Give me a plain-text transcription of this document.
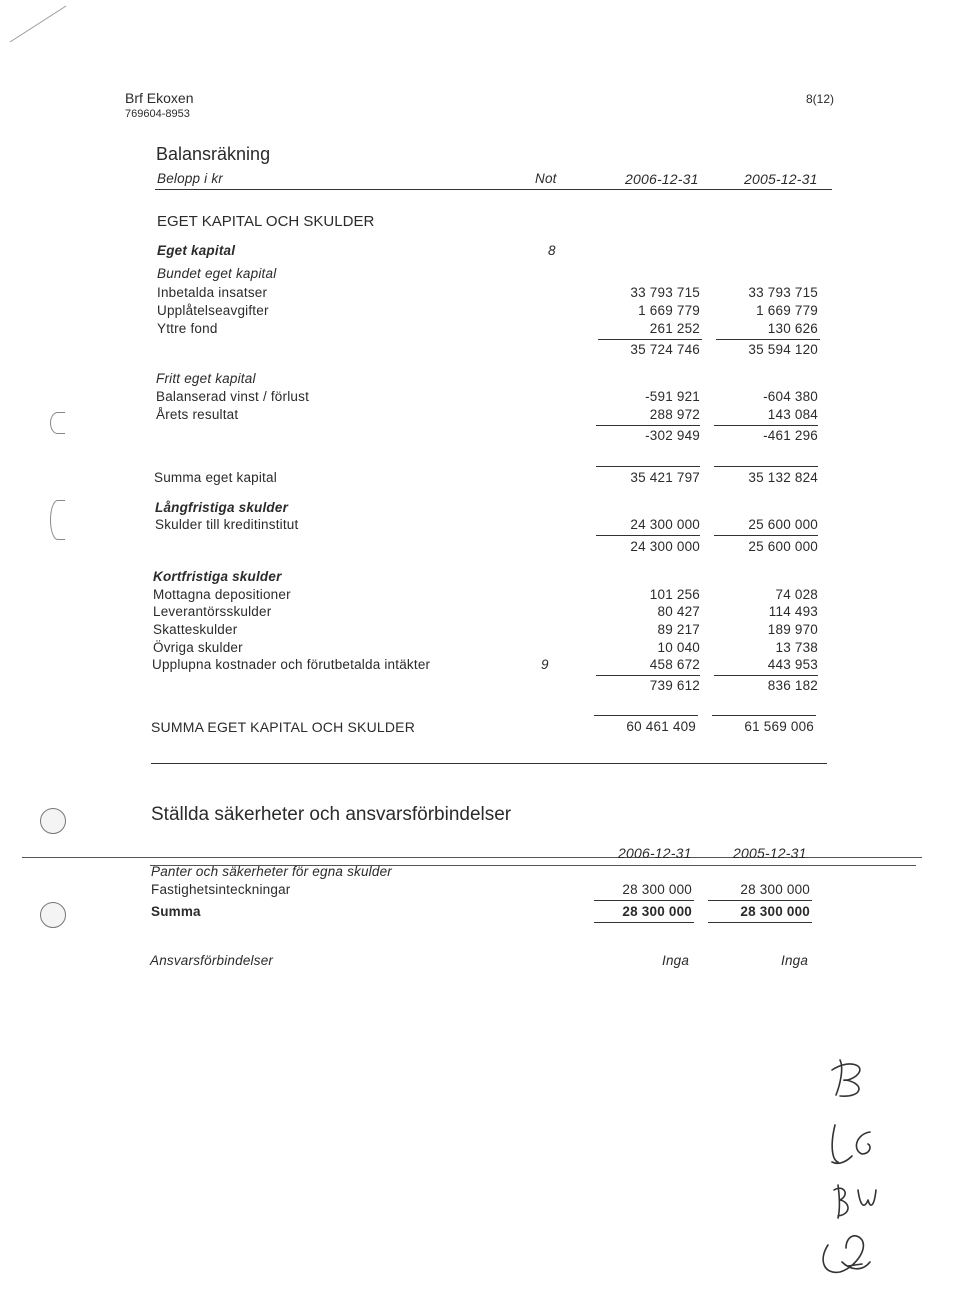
Brf Ekoxen
769604-8953
8(12)
Balansräkning
Belopp i kr	Not	2006-12-31	2005-12-31
EGET KAPITAL OCH SKULDER
Eget kapital	8
Bundet eget kapital
Inbetalda insatser	33 793 715	33 793 715
Upplåtelseavgifter	1 669 779	1 669 779
Yttre fond	261 252	130 626
35 724 746	35 594 120
Fritt eget kapital
Balanserad vinst / förlust	-591 921	-604 380
Årets resultat	288 972	143 084
-302 949	-461 296
Summa eget kapital	35 421 797	35 132 824
Långfristiga skulder
Skulder till kreditinstitut	24 300 000	25 600 000
24 300 000	25 600 000
Kortfristiga skulder
Mottagna depositioner	101 256	74 028
Leverantörsskulder	80 427	114 493
Skatteskulder	89 217	189 970
Övriga skulder	10 040	13 738
Upplupna kostnader och förutbetalda intäkter	9	458 672	443 953
739 612	836 182
SUMMA EGET KAPITAL OCH SKULDER	60 461 409	61 569 006
Ställda säkerheter och ansvarsförbindelser
2006-12-31	2005-12-31
Panter och säkerheter för egna skulder
Fastighetsinteckningar	28 300 000	28 300 000
Summa	28 300 000	28 300 000
Ansvarsförbindelser	Inga	Inga
